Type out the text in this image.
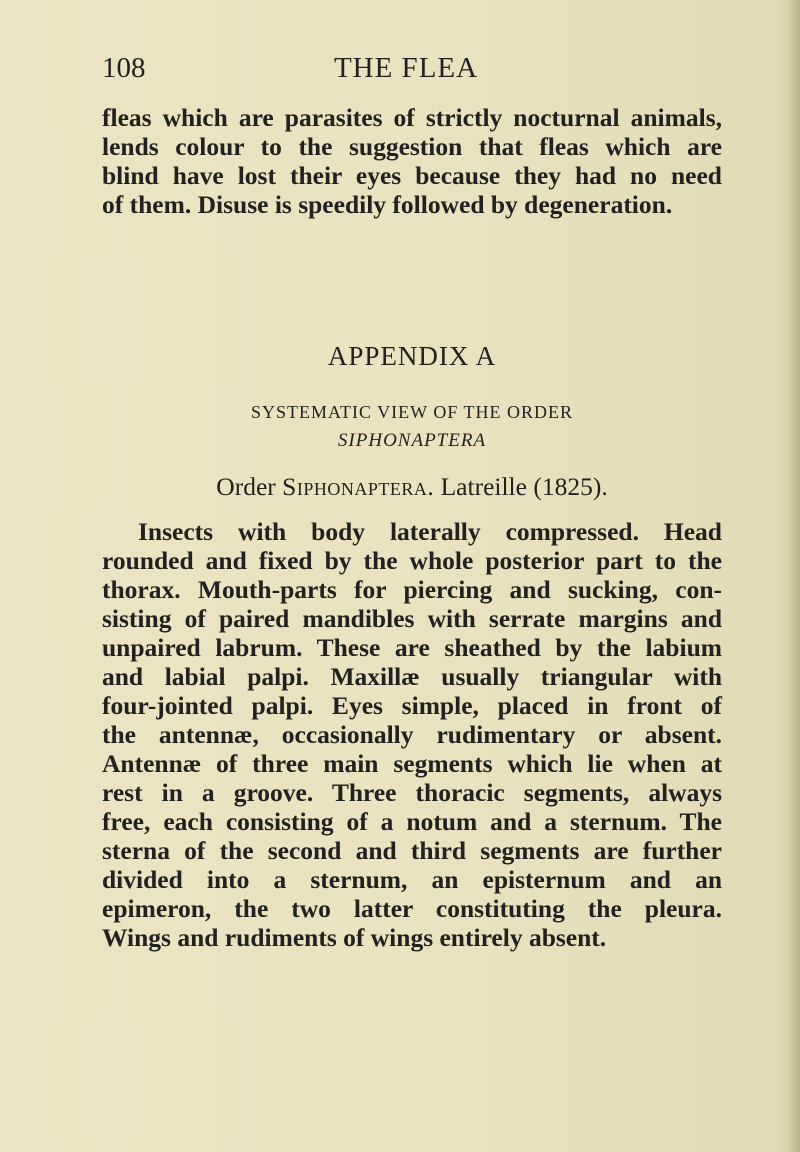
108	THE FLEA
fleas which are parasites of strictly nocturnal animals,
lends colour to the suggestion that fleas which are
blind have lost their eyes because they had no need
of them. Disuse is speedily followed by degeneration.
APPENDIX A
SYSTEMATIC VIEW OF THE ORDER
SIPHONAPTERA
Order Siphonaptera. Latreille (1825).
Insects with body laterally compressed. Head
rounded and fixed by the whole posterior part to the
thorax. Mouth-parts for piercing and sucking, con-
sisting of paired mandibles with serrate margins and
unpaired labrum. These are sheathed by the labium
and labial palpi. Maxillæ usually triangular with
four-jointed palpi. Eyes simple, placed in front of
the antennæ, occasionally rudimentary or absent.
Antennæ of three main segments which lie when at
rest in a groove. Three thoracic segments, always
free, each consisting of a notum and a sternum. The
sterna of the second and third segments are further
divided into a sternum, an episternum and an
epimeron, the two latter constituting the pleura.
Wings and rudiments of wings entirely absent.
